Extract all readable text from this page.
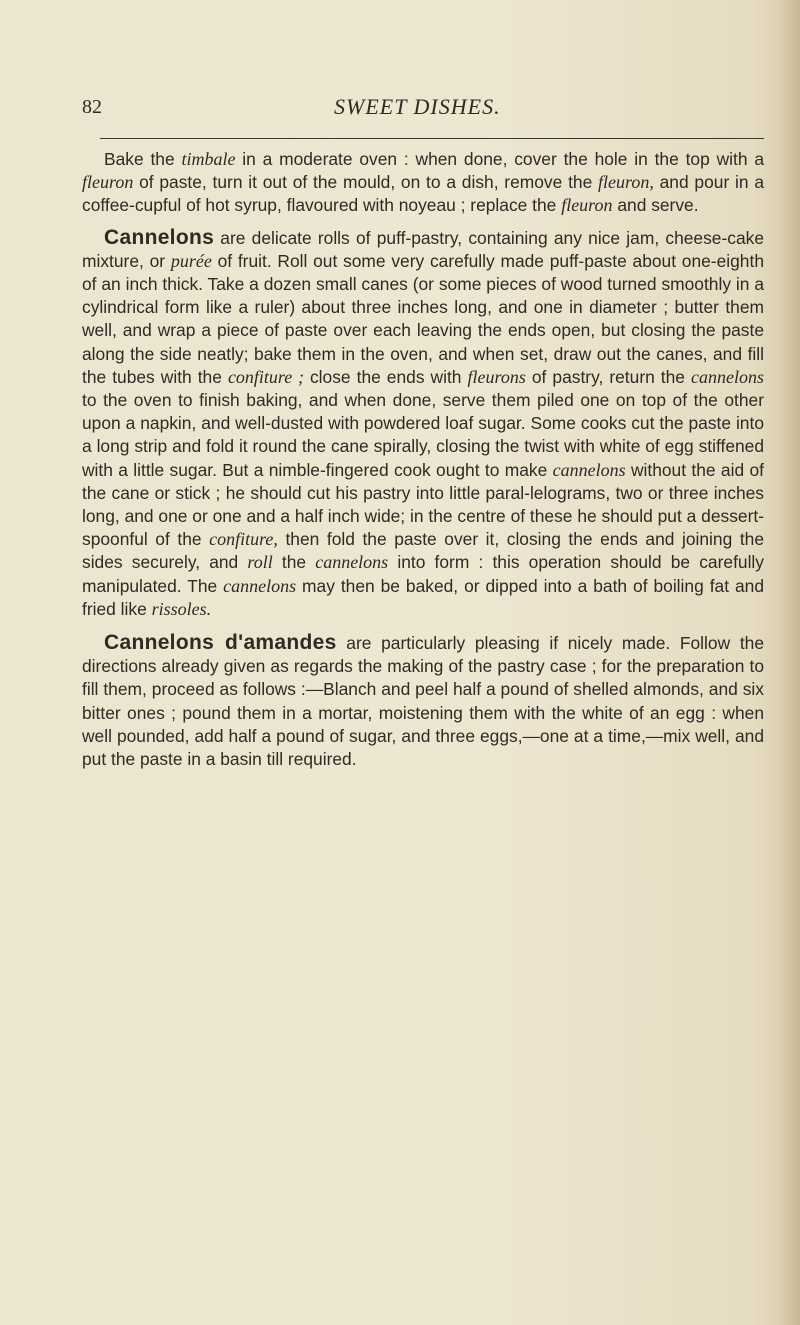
82	SWEET DISHES.

Bake the timbale in a moderate oven : when done, cover the hole in the top with a fleuron of paste, turn it out of the mould, on to a dish, remove the fleuron, and pour in a coffee-cupful of hot syrup, flavoured with noyeau ; replace the fleuron and serve.

Cannelons are delicate rolls of puff-pastry, containing any nice jam, cheese-cake mixture, or purée of fruit. Roll out some very carefully made puff-paste about one-eighth of an inch thick. Take a dozen small canes (or some pieces of wood turned smoothly in a cylindrical form like a ruler) about three inches long, and one in diameter ; butter them well, and wrap a piece of paste over each leaving the ends open, but closing the paste along the side neatly; bake them in the oven, and when set, draw out the canes, and fill the tubes with the confiture ; close the ends with fleurons of pastry, return the cannelons to the oven to finish baking, and when done, serve them piled one on top of the other upon a napkin, and well-dusted with powdered loaf sugar. Some cooks cut the paste into a long strip and fold it round the cane spirally, closing the twist with white of egg stiffened with a little sugar. But a nimble-fingered cook ought to make cannelons without the aid of the cane or stick ; he should cut his pastry into little paral-lelograms, two or three inches long, and one or one and a half inch wide; in the centre of these he should put a dessert-spoonful of the confiture, then fold the paste over it, closing the ends and joining the sides securely, and roll the cannelons into form : this operation should be carefully manipulated. The cannelons may then be baked, or dipped into a bath of boiling fat and fried like rissoles.

Cannelons d'amandes are particularly pleasing if nicely made. Follow the directions already given as regards the making of the pastry case ; for the preparation to fill them, proceed as follows :—Blanch and peel half a pound of shelled almonds, and six bitter ones ; pound them in a mortar, moistening them with the white of an egg : when well pounded, add half a pound of sugar, and three eggs,—one at a time,—mix well, and put the paste in a basin till required.
